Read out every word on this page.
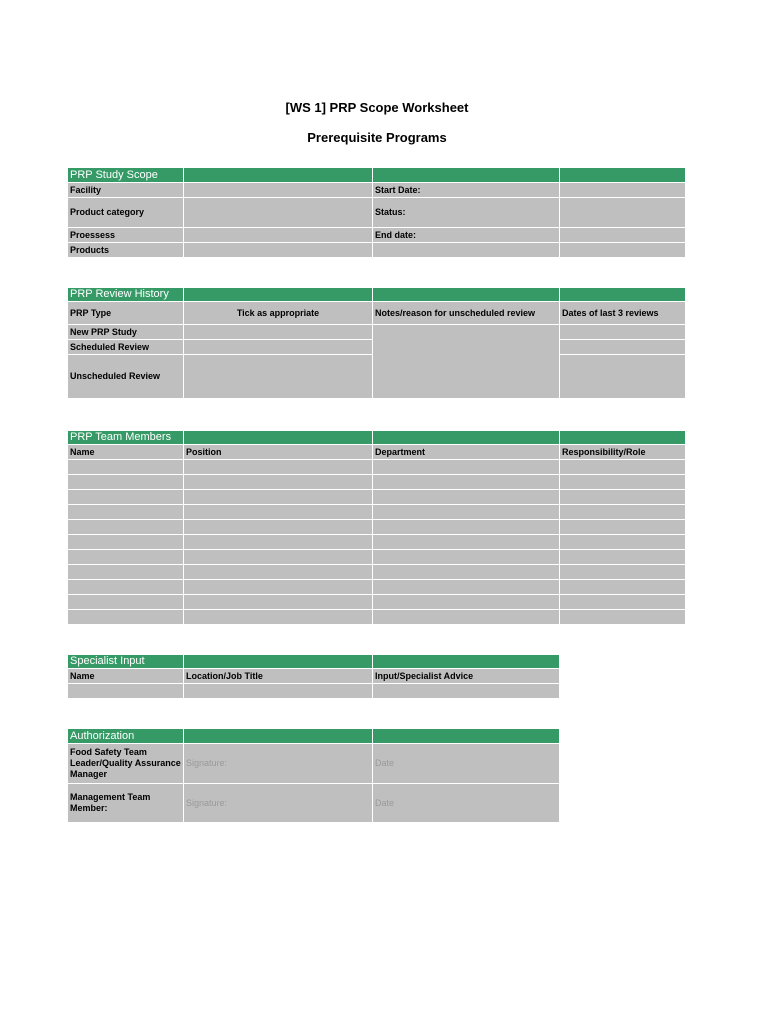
[WS 1] PRP Scope Worksheet
Prerequisite Programs
PRP Study Scope			
Facility		Start Date:	
Product category		Status:	
Proessess		End date:	
Products			
PRP Review History			
PRP Type	Tick as appropriate	Notes/reason for unscheduled review	Dates of last 3 reviews
New PRP Study			
Scheduled Review			
Unscheduled Review			
PRP Team Members			
Name	Position	Department	Responsibility/Role

Specialist Input		
Name	Location/Job Title	Input/Specialist Advice

Authorization		
Food Safety Team Leader/Quality Assurance Manager	Signature:	Date
Management Team Member:	Signature:	Date
